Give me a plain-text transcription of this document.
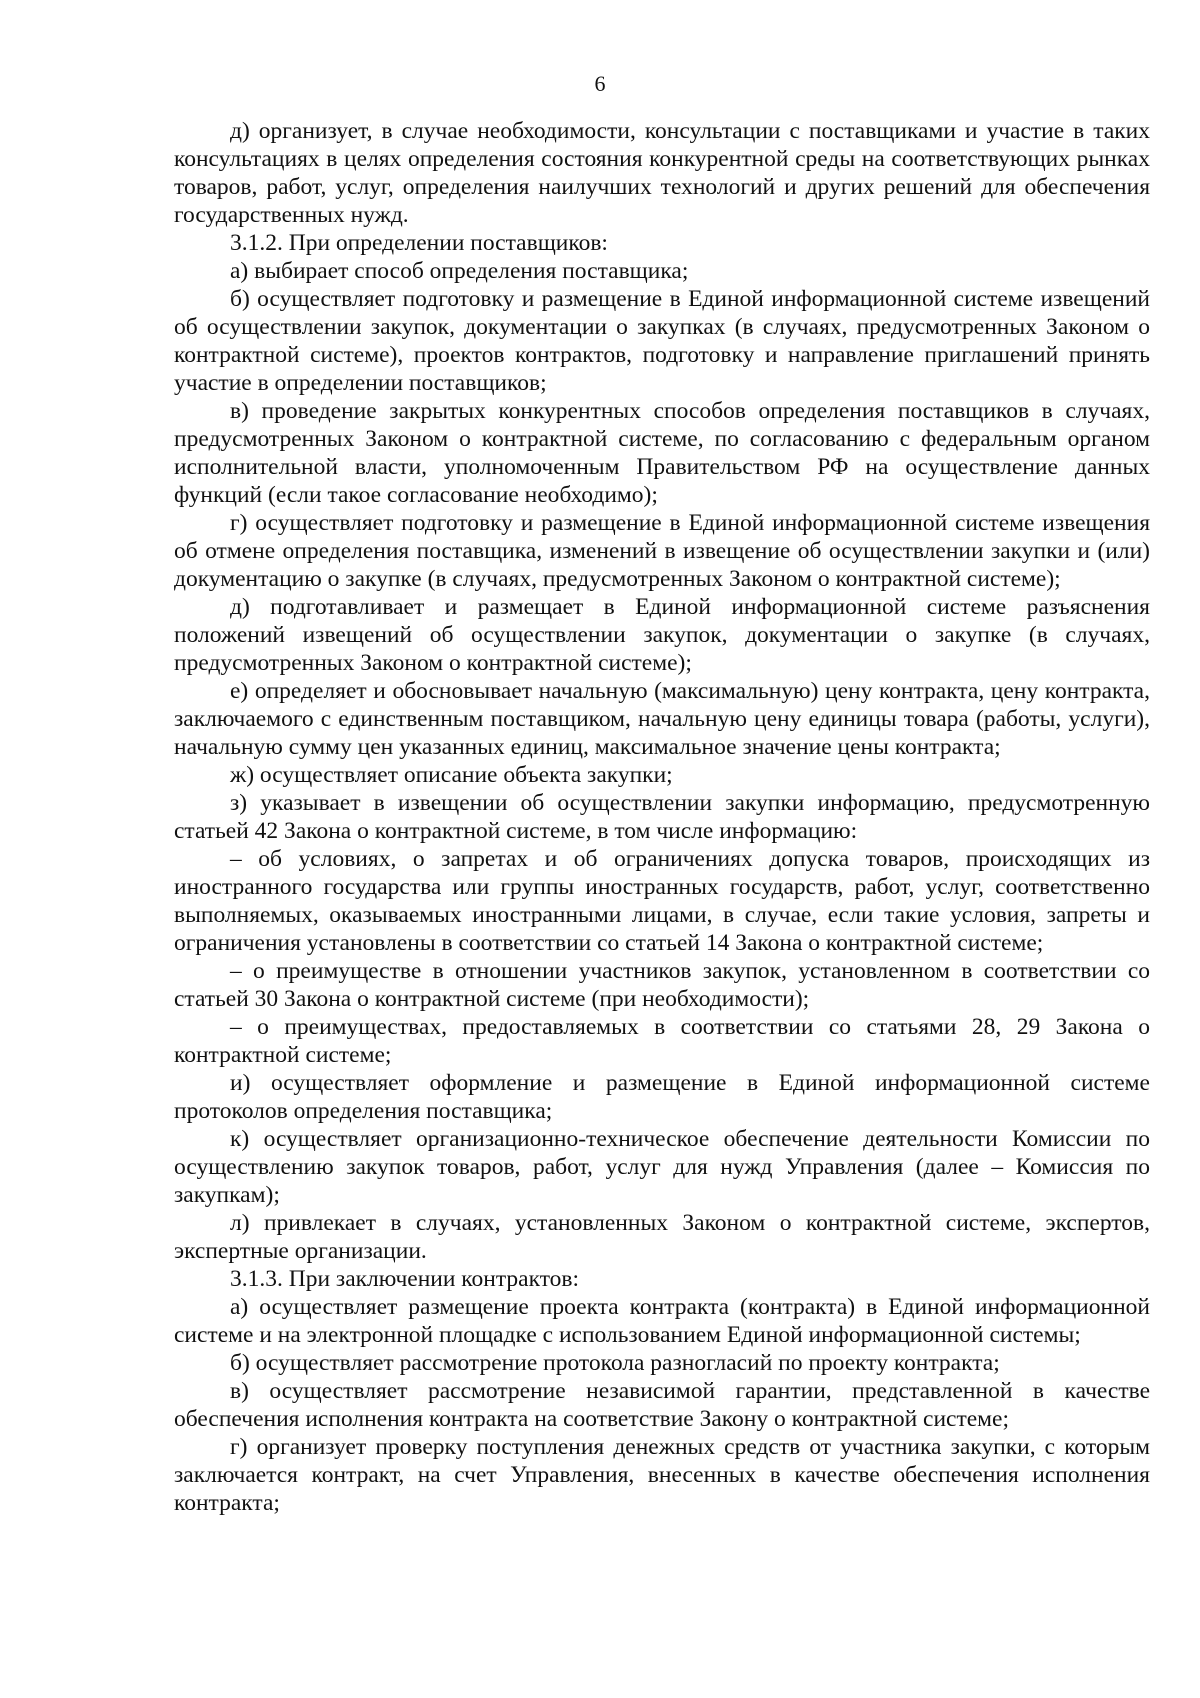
6

д) организует, в случае необходимости, консультации с поставщиками и участие в таких консультациях в целях определения состояния конкурентной среды на соответствующих рынках товаров, работ, услуг, определения наилучших технологий и других решений для обеспечения государственных нужд.

3.1.2. При определении поставщиков:

а) выбирает способ определения поставщика;

б) осуществляет подготовку и размещение в Единой информационной системе извещений об осуществлении закупок, документации о закупках (в случаях, предусмотренных Законом о контрактной системе), проектов контрактов, подготовку и направление приглашений принять участие в определении поставщиков;

в) проведение закрытых конкурентных способов определения поставщиков в случаях, предусмотренных Законом о контрактной системе, по согласованию с федеральным органом исполнительной власти, уполномоченным Правительством РФ на осуществление данных функций (если такое согласование необходимо);

г) осуществляет подготовку и размещение в Единой информационной системе извещения об отмене определения поставщика, изменений в извещение об осуществлении закупки и (или) документацию о закупке (в случаях, предусмотренных Законом о контрактной системе);

д) подготавливает и размещает в Единой информационной системе разъяснения положений извещений об осуществлении закупок, документации о закупке (в случаях, предусмотренных Законом о контрактной системе);

е) определяет и обосновывает начальную (максимальную) цену контракта, цену контракта, заключаемого с единственным поставщиком, начальную цену единицы товара (работы, услуги), начальную сумму цен указанных единиц, максимальное значение цены контракта;

ж) осуществляет описание объекта закупки;

з) указывает в извещении об осуществлении закупки информацию, предусмотренную статьей 42 Закона о контрактной системе, в том числе информацию:

– об условиях, о запретах и об ограничениях допуска товаров, происходящих из иностранного государства или группы иностранных государств, работ, услуг, соответственно выполняемых, оказываемых иностранными лицами, в случае, если такие условия, запреты и ограничения установлены в соответствии со статьей 14 Закона о контрактной системе;

– о преимуществе в отношении участников закупок, установленном в соответствии со статьей 30 Закона о контрактной системе (при необходимости);

– о преимуществах, предоставляемых в соответствии со статьями 28, 29 Закона о контрактной системе;

и) осуществляет оформление и размещение в Единой информационной системе протоколов определения поставщика;

к) осуществляет организационно-техническое обеспечение деятельности Комиссии по осуществлению закупок товаров, работ, услуг для нужд Управления (далее – Комиссия по закупкам);

л) привлекает в случаях, установленных Законом о контрактной системе, экспертов, экспертные организации.

3.1.3. При заключении контрактов:

а) осуществляет размещение проекта контракта (контракта) в Единой информационной системе и на электронной площадке с использованием Единой информационной системы;

б) осуществляет рассмотрение протокола разногласий по проекту контракта;

в) осуществляет рассмотрение независимой гарантии, представленной в качестве обеспечения исполнения контракта на соответствие Закону о контрактной системе;

г) организует проверку поступления денежных средств от участника закупки, с которым заключается контракт, на счет Управления, внесенных в качестве обеспечения исполнения контракта;
